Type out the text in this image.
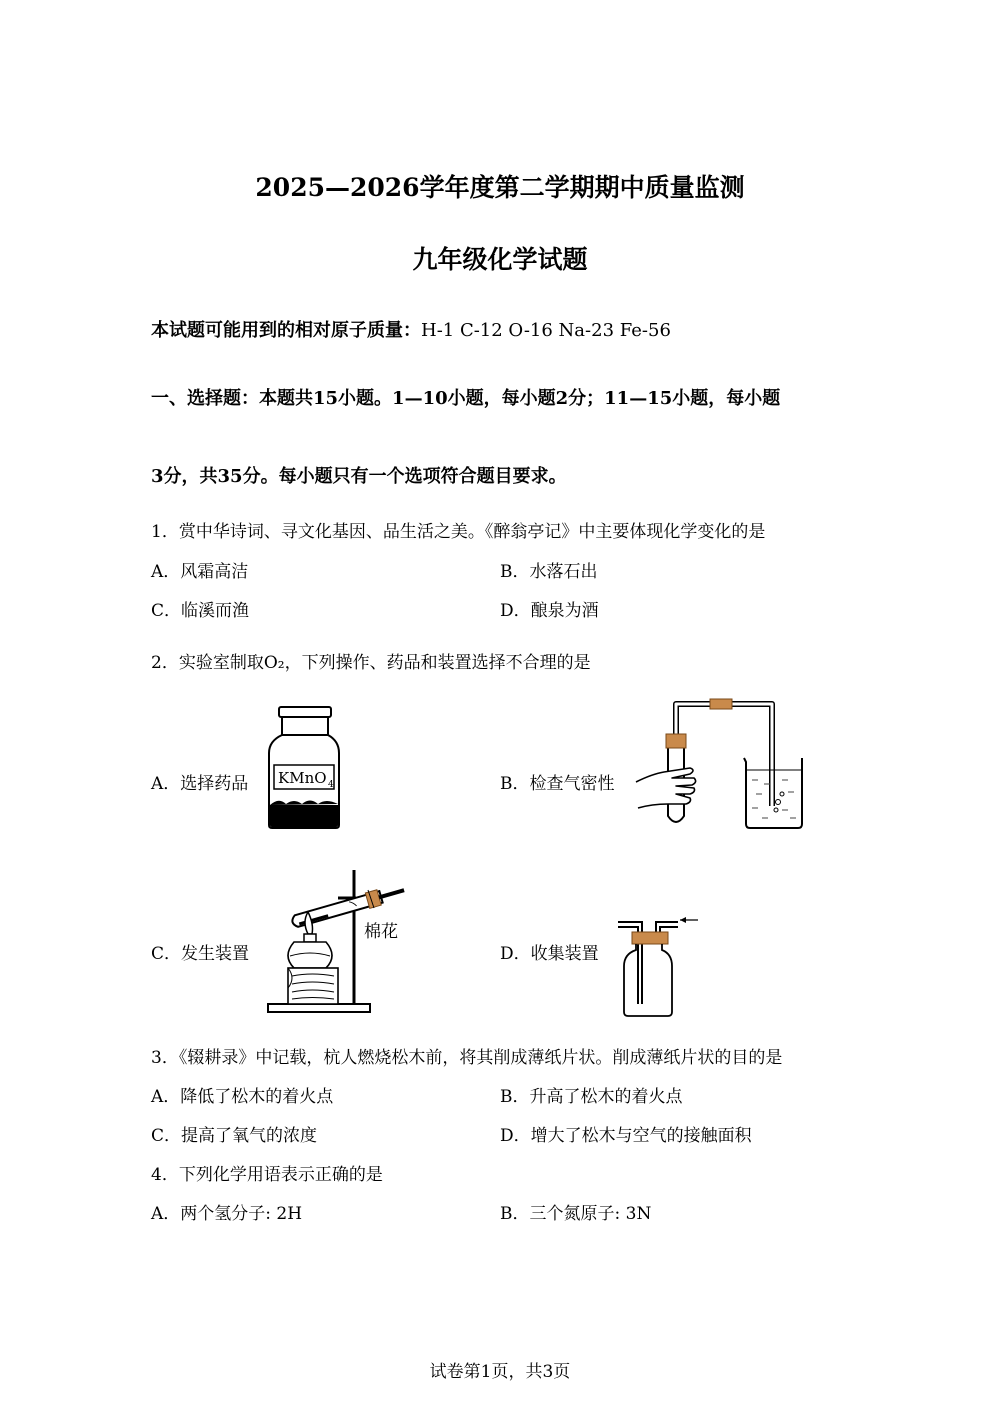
2025—2026学年度第二学期期中质量监测
九年级化学试题
本试题可能用到的相对原子质量：H-1 C-12 O-16 Na-23 Fe-56
一、选择题：本题共15小题。1—10小题，每小题2分；11—15小题，每小题
3分，共35分。每小题只有一个选项符合题目要求。
1．赏中华诗词、寻文化基因、品生活之美。《醉翁亭记》中主要体现化学变化的是
A．风霜高洁	B．水落石出
C．临溪而渔	D．酿泉为酒
2．实验室制取O₂，下列操作、药品和装置选择不合理的是
A．选择药品	B．检查气密性
C．发生装置	D．收集装置
KMnO 4
棉花
3．《辍耕录》中记载，杭人燃烧松木前，将其削成薄纸片状。削成薄纸片状的目的是
A．降低了松木的着火点	B．升高了松木的着火点
C．提高了氧气的浓度	D．增大了松木与空气的接触面积
4．下列化学用语表示正确的是
A．两个氢分子: 2H	B．三个氮原子: 3N
试卷第1页，共3页
